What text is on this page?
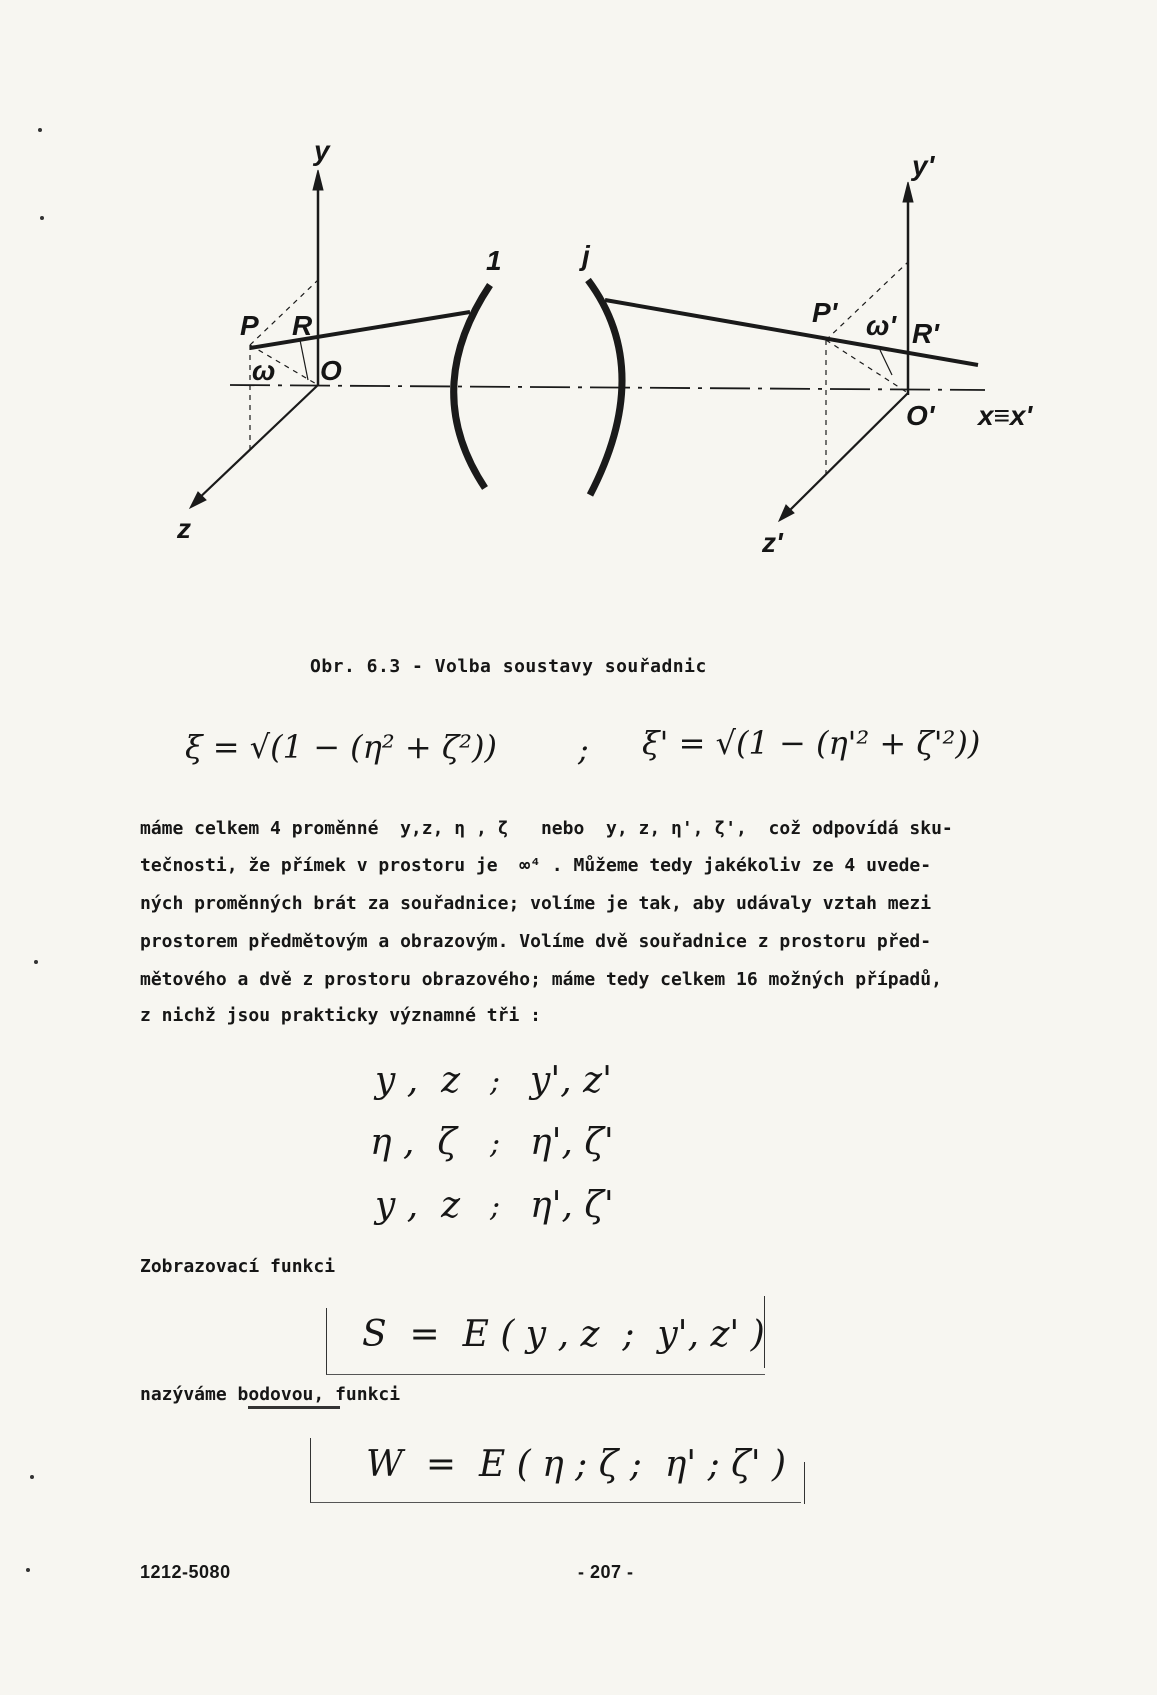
y	y'
P R
O
ω
1	j
P' ω' R'
O' x≡x'
z	z'
Obr. 6.3 - Volba soustavy souřadnic
ξ = √(1 − (η² + ζ²))	; ξ' = √(1 − (η'² + ζ'²))
máme celkem 4 proměnné  y,z, η , ζ   nebo  y, z, η', ζ',  což odpovídá sku-
tečnosti, že přímek v prostoru je  ∞⁴ . Můžeme tedy jakékoliv ze 4 uvede-
ných proměnných brát za souřadnice; volíme je tak, aby udávaly vztah mezi
prostorem předmětovým a obrazovým. Volíme dvě souřadnice z prostoru před-
mětového a dvě z prostoru obrazového; máme tedy celkem 16 možných případů,
z nichž jsou prakticky významné tři :
y ,  z ; y', z'
η ,  ζ ; η', ζ'
y ,  z ; η', ζ'
Zobrazovací funkci
S  =  E ( y , z  ;  y', z' )
nazýváme bodovou, funkci
W  =  E ( η ; ζ ;  η' ; ζ' )
1212-5080	- 207 -
